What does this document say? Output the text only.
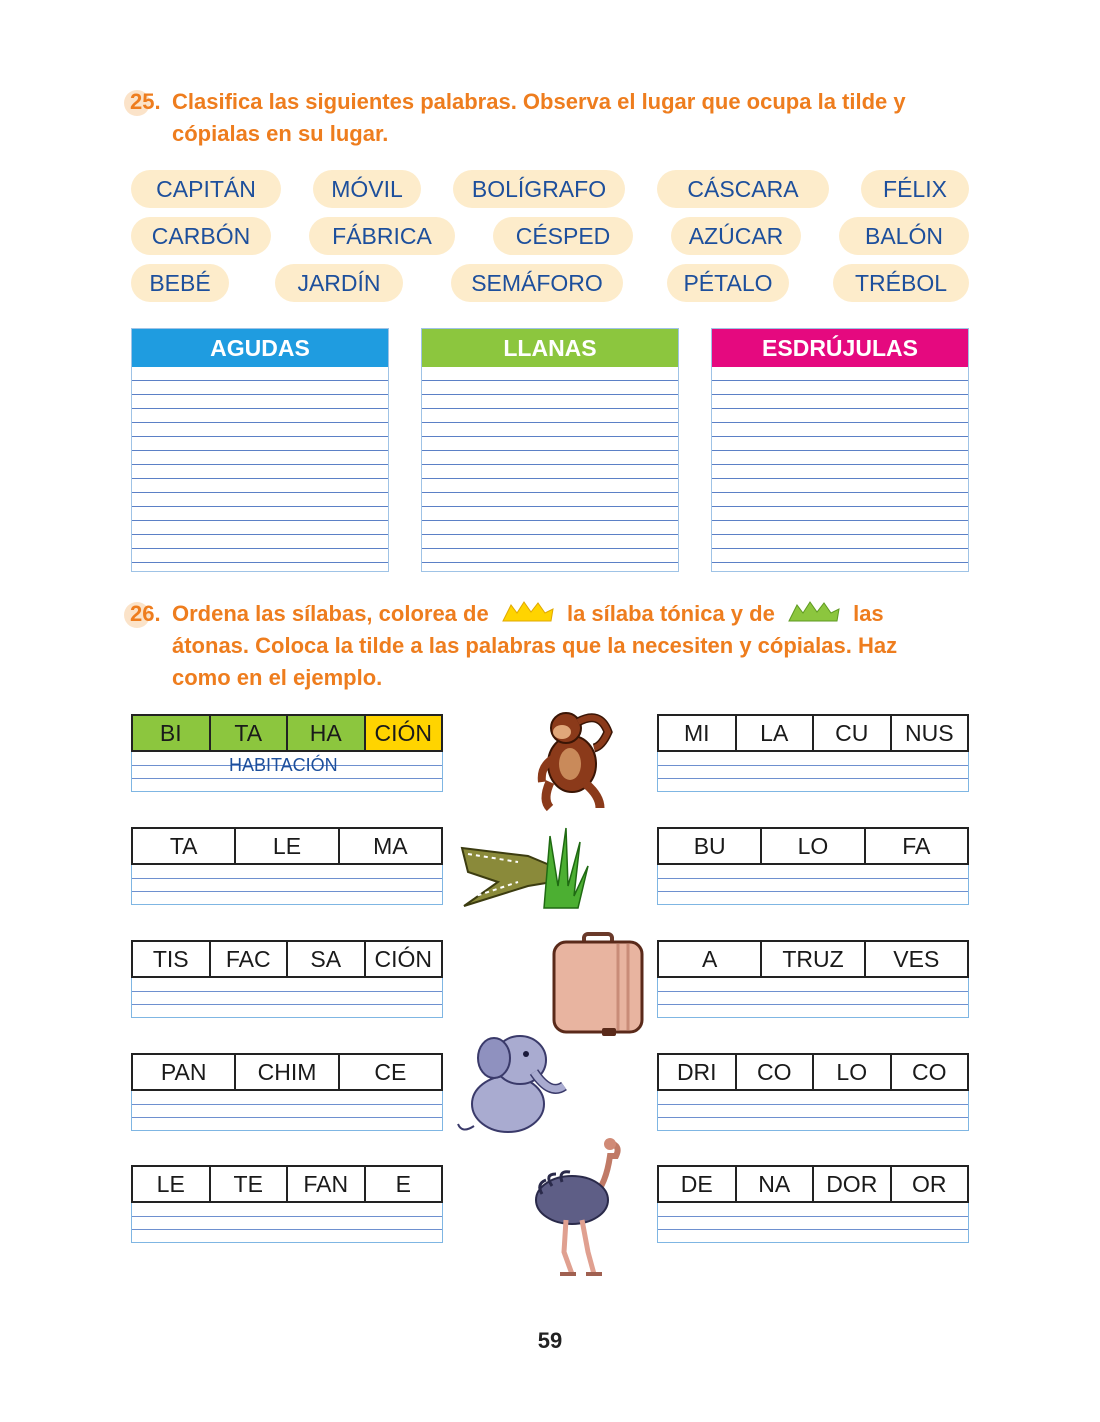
25. Clasifica las siguientes palabras. Observa el lugar que ocupa la tilde y cópialas en su lugar.
CAPITÁN	MÓVIL	BOLÍGRAFO	CÁSCARA	FÉLIX
CARBÓN	FÁBRICA	CÉSPED	AZÚCAR	BALÓN
BEBÉ	JARDÍN	SEMÁFORO	PÉTALO	TRÉBOL
AGUDAS	LLANAS	ESDRÚJULAS
26. Ordena las sílabas, colorea de	la sílaba tónica y de	las
átonas. Coloca la tilde a las palabras que la necesiten y cópialas. Haz
como en el ejemplo.
BI	TA	HA	CIÓN
HABITACIÓN
TA	LE	MA
TIS	FAC	SA	CIÓN
PAN	CHIM	CE
LE	TE	FAN	E
MI	LA	CU	NUS
BU	LO	FA
A	TRUZ	VES
DRI	CO	LO	CO
DE	NA	DOR	OR
59
